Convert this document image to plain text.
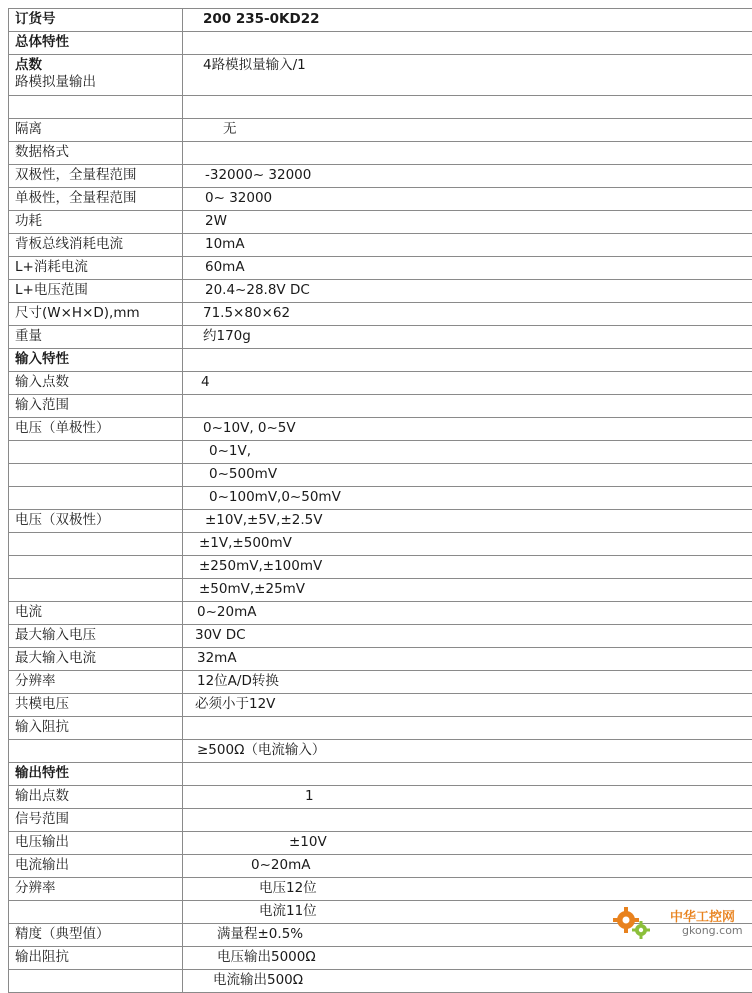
订货号	200 235-0KD22
总体特性	
点数
路模拟量输出	4路模拟量输入/1

隔离	无
数据格式	
双极性，全量程范围	-32000~ 32000
单极性，全量程范围	0~ 32000
功耗	2W
背板总线消耗电流	10mA
L+消耗电流	60mA
L+电压范围	20.4~28.8V DC
尺寸(W×H×D),mm	71.5×80×62
重量	约170g
输入特性	
输入点数	4
输入范围	
电压（单极性）	0~10V, 0~5V
	0~1V,
	0~500mV
	0~100mV,0~50mV
电压（双极性）	±10V,±5V,±2.5V
	±1V,±500mV
	±250mV,±100mV
	±50mV,±25mV
电流	0~20mA
最大输入电压	30V DC
最大输入电流	32mA
分辨率	12位A/D转换
共模电压	必须小于12V
输入阻抗	
	≥500Ω（电流输入）
输出特性	
输出点数	1
信号范围	
电压输出	±10V
电流输出	0~20mA
分辨率	电压12位
	电流11位
精度（典型值）	满量程±0.5%
输出阻抗	电压输出5000Ω
	电流输出500Ω
中华工控网
gkong.com
